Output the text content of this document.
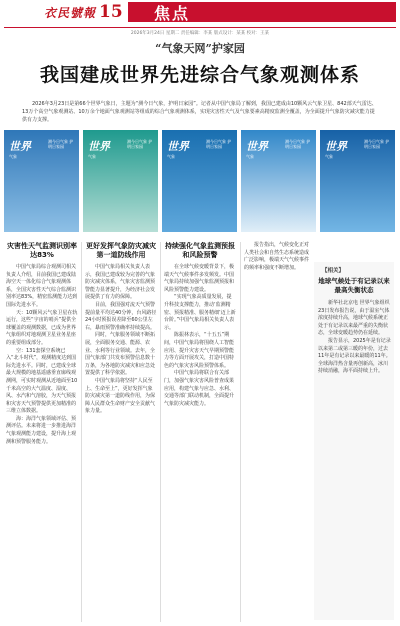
衣民號報 15 焦点
2026年3月24日 星期二 责任编辑：李某 版式设计：某某 校对：王某
“气象天网”护家园
我国建成世界先进综合气象观测体系
2026年3月23日是第66个世界气象日，主题为“测今日气象，护明日家园”。记者从中国气象局了解到，我国已建成由10颗风云气象卫星、842部天气雷达、13万个高空气象观测站、10万余个地面气象观测站等组成的综合气象观测体系，实现灾害性天气及气象要素高精度监测全覆盖，为全面提升气象防灾减灾能力提供有力支撑。
世界
气象
测今日气象 护明日家园	世界
气象
测今日气象 护明日家园	世界
气象
测今日气象 护明日家园	世界
气象
测今日气象 护明日家园	世界
气象
测今日气象 护明日家园
灾害性天气监测识别率达83%

中国气象局综合观测司相关负责人介绍，目前我国已建成陆海空天一体化综合气象观测体系，全国灾害性天气综合监测识别率达83%，精密监测能力达到国际先进水平。

天：10颗风云气象卫星在轨运行，这些“宇宙的哨兵”提供全球覆盖的观测数据，已成为世界气象组织对地观测卫星业务星座的重要组成部分。

空：131套探空系统已入“北斗时代”，观测精度达到国际先进水平。同时，已建成全球最大规模的地基遥感垂直廓线观测网，可实时观测从近地面至10千米高空的大气温度、湿度、风、水汽和气溶胶，为天气预报和灾害天气预警提供更加精准的三维立体数据。

海：海洋气象领域评估、预测评估。未来将进一步推进海洋气象观测能力建设，提升海上观测和预警服务能力。

更好发挥气象防灾减灾第一道防线作用

中国气象局相关负责人表示，我国已建成较为完善的气象防灾减灾体系，气象灾害监测预警能力显著提升，为经济社会发展提供了有力的保障。

目前，我国强对流天气预警提前量平均达40分钟，台风路径24小时预报误差降至60公里左右，暴雨预警准确率持续提高。

同时，气象服务领域不断拓展，全面服务交通、能源、农业、水利等行业领域。去年，全国气象部门共发布预警信息数十万条，为各地防灾减灾和应急处置提供了科学依据。

中国气象局将坚持“人民至上、生命至上”，更好发挥气象防灾减灾第一道防线作用，为保障人民群众生命财产安全贡献气象力量。

持续强化气象监测预报和风险预警

在全球气候变暖背景下，极端天气气候事件多发频发。中国气象局持续加强气象监测预报和风险预警能力建设。

“实现气象高质量发展，提升科技支撑能力，推动‘监测精密、预报精准、服务精细’迈上新台阶。”中国气象局相关负责人表示。

陈振林表示，“十五五”期间，中国气象局将围绕人工智能应用、提升灾害天气早期预警能力等方面开展攻关，打造中国特色的气象灾害风险预警体系。

中国气象局将联合有关部门，加强气象灾害风险普查成果应用，构建气象与应急、水利、交通等部门联动机制，全面提升气象防灾减灾能力。

报告指出，气候变化正对人类社会和自然生态系统造成广泛影响，极端天气气候事件的频率和强度不断增加。

【相关】
地球气候处于有记录以来最高失衡状态

新华社北京电 世界气象组织23日发布报告说，由于温室气体浓度持续升高，地球气候系统正处于有记录以来最严重的失衡状态，全球变暖趋势仍在延续。

报告显示，2025年是有记录以来第二或第三暖的年份，过去11年是有记录以来最暖的11年。全球海洋热含量再创新高，冰川持续消融，海平面持续上升。
